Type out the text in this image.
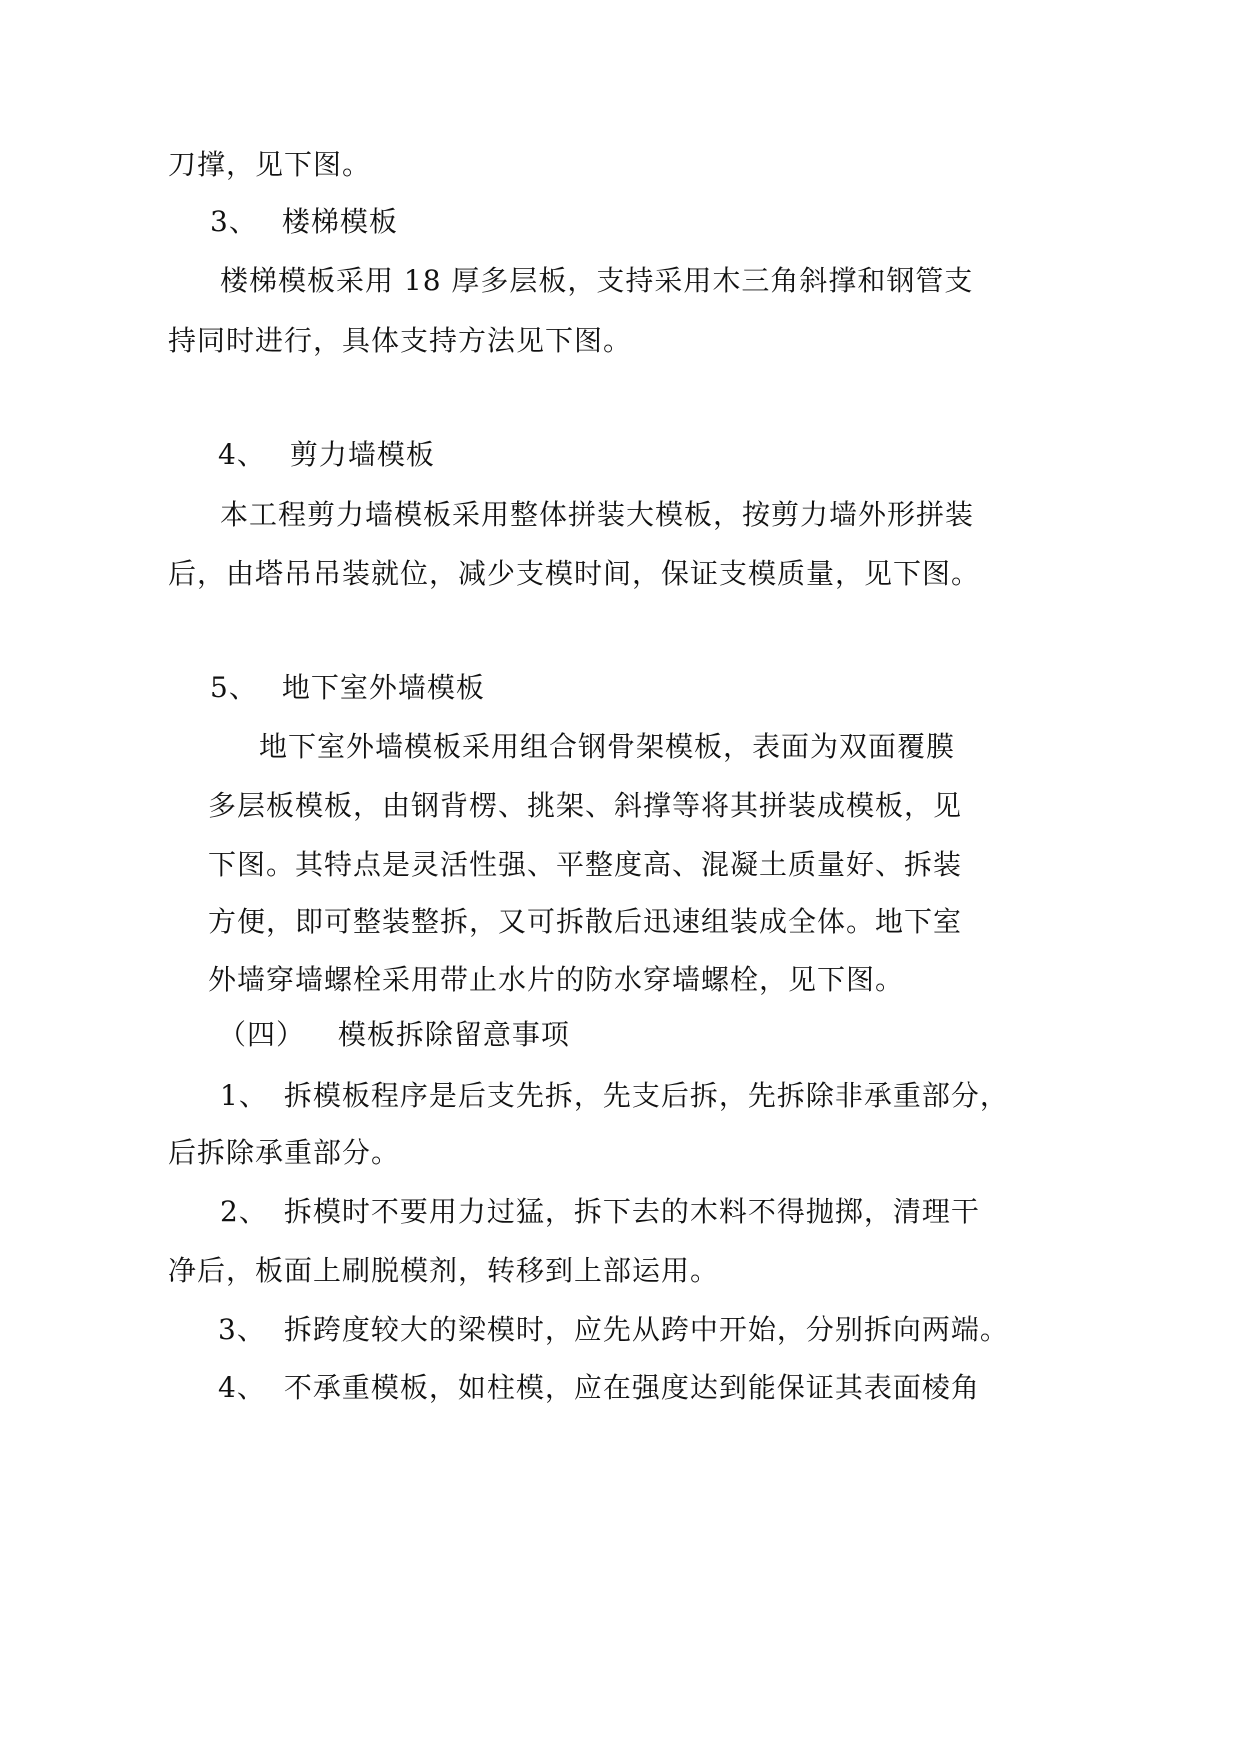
刀撑，见下图。
3、 楼梯模板
楼梯模板采用 18 厚多层板，支持采用木三角斜撑和钢管支
持同时进行，具体支持方法见下图。
4、 剪力墙模板
本工程剪力墙模板采用整体拼装大模板，按剪力墙外形拼装
后，由塔吊吊装就位，减少支模时间，保证支模质量，见下图。
5、 地下室外墙模板
地下室外墙模板采用组合钢骨架模板，表面为双面覆膜
多层板模板，由钢背楞、挑架、斜撑等将其拼装成模板，见
下图。其特点是灵活性强、平整度高、混凝土质量好、拆装
方便，即可整装整拆，又可拆散后迅速组装成全体。地下室
外墙穿墙螺栓采用带止水片的防水穿墙螺栓，见下图。
（四） 模板拆除留意事项
1、 拆模板程序是后支先拆，先支后拆，先拆除非承重部分，
后拆除承重部分。
2、 拆模时不要用力过猛，拆下去的木料不得抛掷，清理干
净后，板面上刷脱模剂，转移到上部运用。
3、 拆跨度较大的梁模时，应先从跨中开始，分别拆向两端。
4、 不承重模板，如柱模，应在强度达到能保证其表面棱角
